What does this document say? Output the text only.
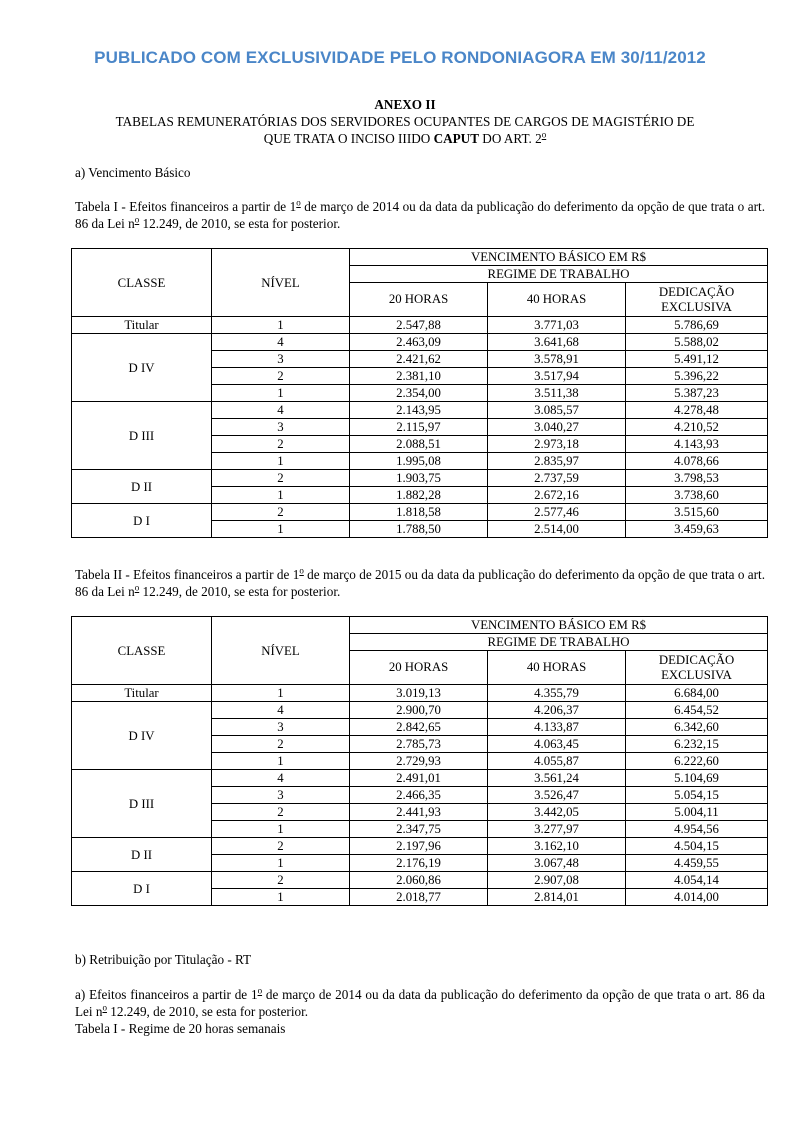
PUBLICADO COM EXCLUSIVIDADE PELO RONDONIAGORA EM 30/11/2012
ANEXO II
TABELAS REMUNERATÓRIAS DOS SERVIDORES OCUPANTES DE CARGOS DE MAGISTÉRIO DE
QUE TRATA O INCISO IIIDO CAPUT DO ART. 2$^o$
a) Vencimento Básico
Tabela I - Efeitos financeiros a partir de 1$^o$ de março de 2014 ou da data da publicação do deferimento da opção de que trata o art. 86 da Lei $n^o$ 12.249, de 2010, se esta for posterior.
CLASSE	NÍVEL	VENCIMENTO BÁSICO EM R$		
		REGIME DE TRABALHO		
		20 HORAS	40 HORAS	DEDICAÇÃO
EXCLUSIVA

Titular	1	2.547,88	3.771,03	5.786,69
D IV	4	2.463,09	3.641,68	5.588,02
	3	2.421,62	3.578,91	5.491,12
	2	2.381,10	3.517,94	5.396,22
	1	2.354,00	3.511,38	5.387,23
D III	4	2.143,95	3.085,57	4.278,48
	3	2.115,97	3.040,27	4.210,52
	2	2.088,51	2.973,18	4.143,93
	1	1.995,08	2.835,97	4.078,66
D II	2	1.903,75	2.737,59	3.798,53
	1	1.882,28	2.672,16	3.738,60
D I	2	1.818,58	2.577,46	3.515,60
	1	1.788,50	2.514,00	3.459,63
Tabela II - Efeitos financeiros a partir de 1$^o$ de março de 2015 ou da data da publicação do deferimento da opção de que trata o art. 86 da Lei $n^o$ 12.249, de 2010, se esta for posterior.
CLASSE	NÍVEL	VENCIMENTO BÁSICO EM R$		
		REGIME DE TRABALHO		
		20 HORAS	40 HORAS	DEDICAÇÃO
EXCLUSIVA

Titular	1	3.019,13	4.355,79	6.684,00
D IV	4	2.900,70	4.206,37	6.454,52
	3	2.842,65	4.133,87	6.342,60
	2	2.785,73	4.063,45	6.232,15
	1	2.729,93	4.055,87	6.222,60
D III	4	2.491,01	3.561,24	5.104,69
	3	2.466,35	3.526,47	5.054,15
	2	2.441,93	3.442,05	5.004,11
	1	2.347,75	3.277,97	4.954,56
D II	2	2.197,96	3.162,10	4.504,15
	1	2.176,19	3.067,48	4.459,55
D I	2	2.060,86	2.907,08	4.054,14
	1	2.018,77	2.814,01	4.014,00
b) Retribuição por Titulação - RT
a) Efeitos financeiros a partir de 1$^o$ de março de 2014 ou da data da publicação do deferimento da opção de que trata o art. 86 da Lei $n^o$ 12.249, de 2010, se esta for posterior.
Tabela I - Regime de 20 horas semanais
